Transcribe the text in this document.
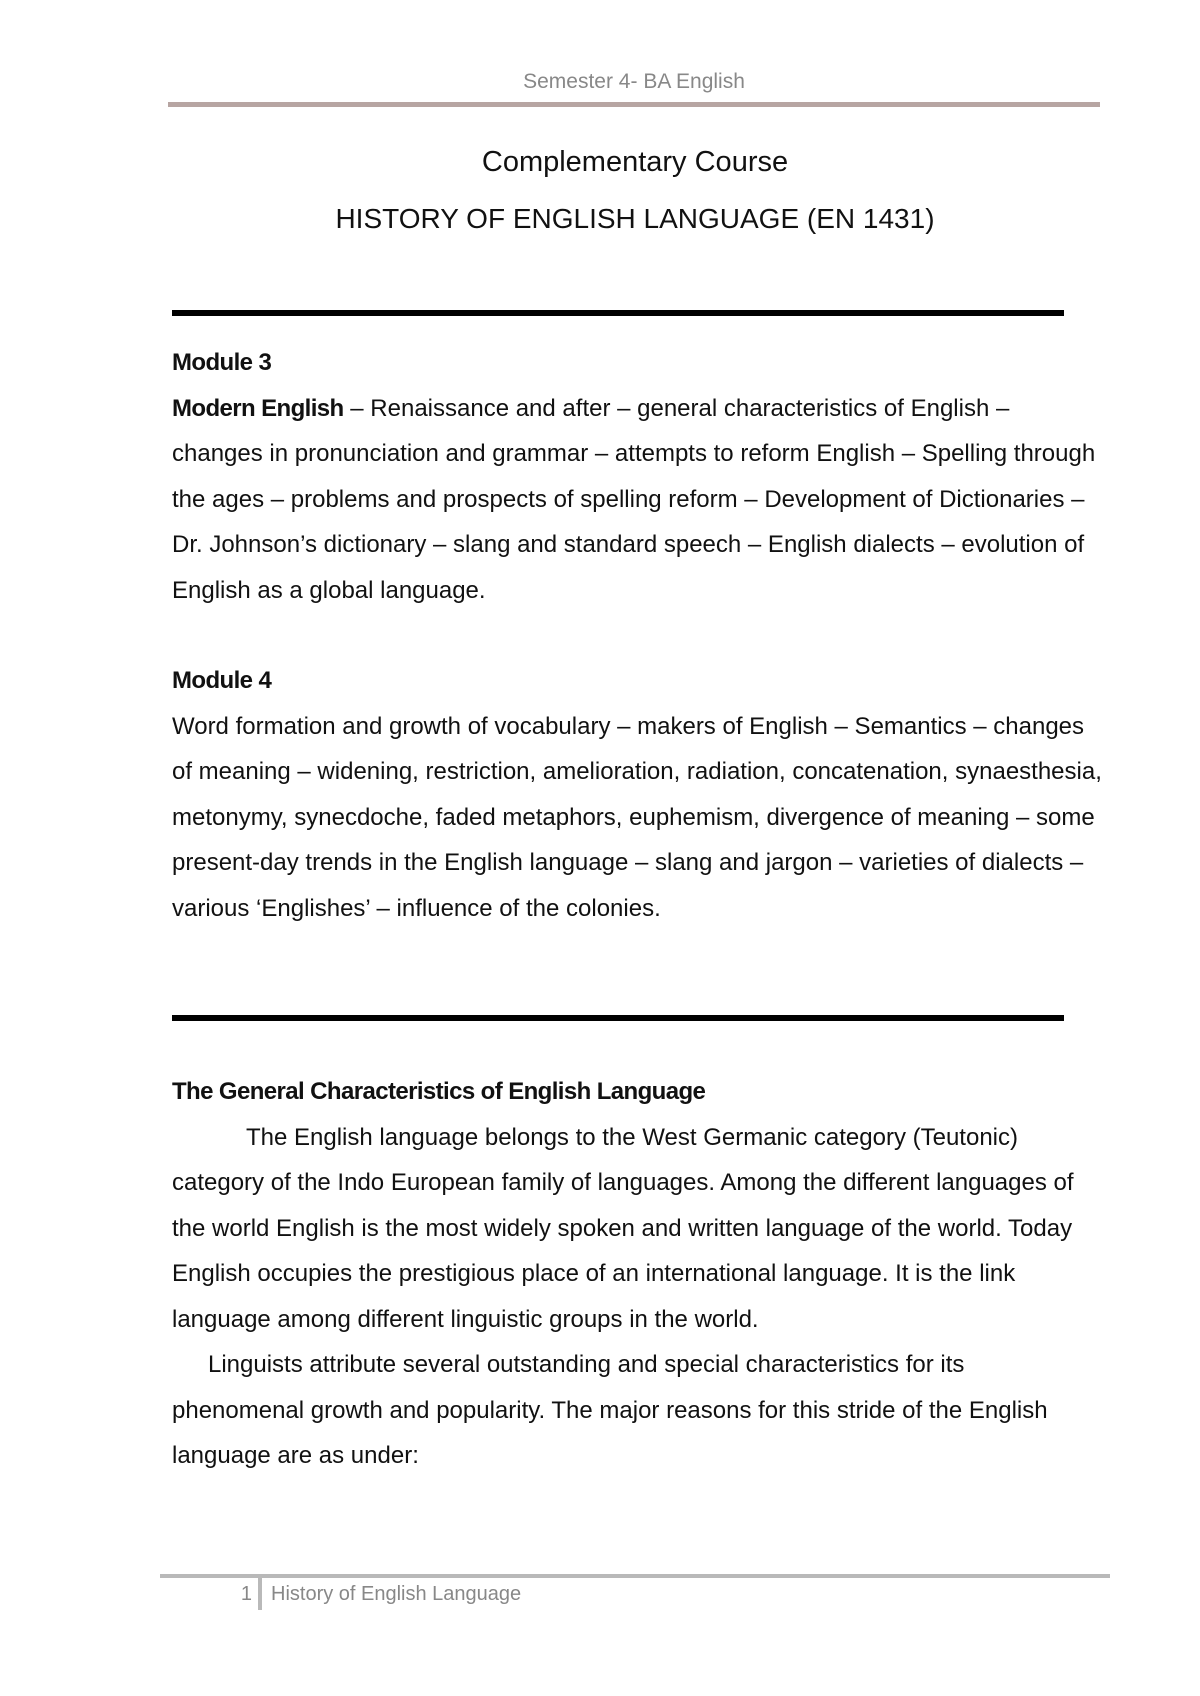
Semester 4- BA English
Complementary Course
HISTORY OF ENGLISH LANGUAGE (EN 1431)

Module 3

Modern English – Renaissance and after – general characteristics of English – changes in pronunciation and grammar – attempts to reform English – Spelling through the ages – problems and prospects of spelling reform – Development of Dictionaries – Dr. Johnson’s dictionary – slang and standard speech – English dialects – evolution of English as a global language.

Module 4

Word formation and growth of vocabulary – makers of English – Semantics – changes of meaning – widening, restriction, amelioration, radiation, concatenation, synaesthesia, metonymy, synecdoche, faded metaphors, euphemism, divergence of meaning – some present-day trends in the English language – slang and jargon – varieties of dialects – various ‘Englishes’ – influence of the colonies.

The General Characteristics of English Language

The English language belongs to the West Germanic category (Teutonic) category of the Indo European family of languages. Among the different languages of the world English is the most widely spoken and written language of the world. Today English occupies the prestigious place of an international language. It is the link language among different linguistic groups in the world.

Linguists attribute several outstanding and special characteristics for its phenomenal growth and popularity. The major reasons for this stride of the English language are as under:

1 History of English Language
